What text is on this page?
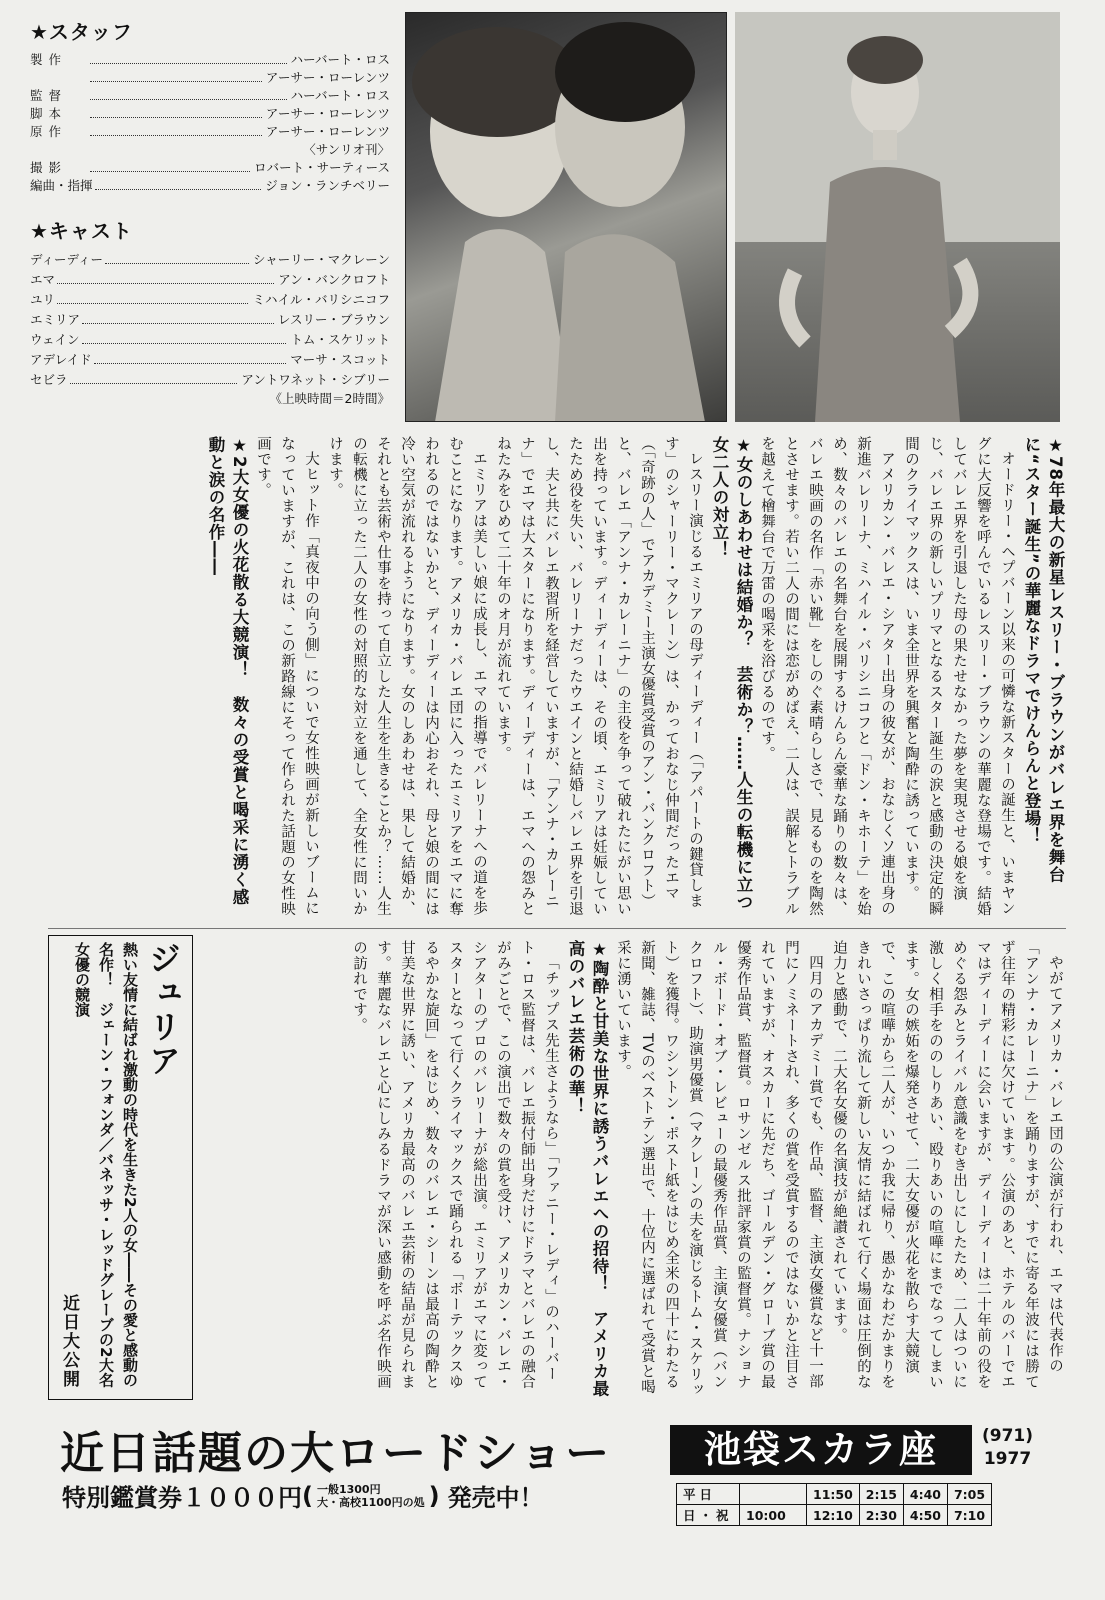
★スタッフ
製作	ハーバート・ロス
アーサー・ローレンツ
監督	ハーバート・ロス
脚本	アーサー・ローレンツ
原作	アーサー・ローレンツ
〈サンリオ刊〉
撮影	ロバート・サーティース
編曲・指揮	ジョン・ランチベリー
★キャスト
ディーディー	シャーリー・マクレーン
エマ	アン・バンクロフト
ユリ	ミハイル・バリシニコフ
エミリア	レスリー・ブラウン
ウェイン	トム・スケリット
アデレイド	マーサ・スコット
セビラ	アントワネット・シブリー
《上映時間＝2時間》

★78年最大の新星レスリー・ブラウンがバレエ界を舞台に“スター誕生”の華麗なドラマでけんらんと登場！

オードリー・ヘプバーン以来の可憐な新スターの誕生と、いまヤングに大反響を呼んでいるレスリー・ブラウンの華麗な登場です。結婚してバレエ界を引退した母の果たせなかった夢を実現させる娘を演じ、バレエ界の新しいプリマとなるスター誕生の涙と感動の決定的瞬間のクライマックスは、いま全世界を興奮と陶酔に誘っています。

アメリカン・バレエ・シアター出身の彼女が、おなじくソ連出身の新進バレリーナ、ミハイル・バリシニコフと「ドン・キホーテ」を始め、数々のバレエの名舞台を展開するけんらん豪華な踊りの数々は、バレエ映画の名作「赤い靴」をしのぐ素晴らしさで、見るものを陶然とさせます。若い二人の間には恋がめばえ、二人は、誤解とトラブルを越えて檜舞台で万雷の喝采を浴びるのです。

★女のしあわせは結婚か？　芸術か？……人生の転機に立つ女二人の対立！

レスリー演じるエミリアの母ディーディー（「アパートの鍵貸します」のシャーリー・マクレーン）は、かっておなじ仲間だったエマ（「奇跡の人」でアカデミー主演女優賞受賞のアン・バンクロフト）と、バレエ「アンナ・カレーニナ」の主役を争って破れたにがい思い出を持っています。ディーディーは、その頃、エミリアは妊娠していたため役を失い、バレリーナだったウエインと結婚しバレエ界を引退し、夫と共にバレエ教習所を経営していますが、「アンナ・カレーニナ」でエマは大スターになります。ディーディーは、エマへの怨みとねたみをひめて二十年のオ月が流れています。

エミリアは美しい娘に成長し、エマの指導でバレリーナへの道を歩むことになります。アメリカ・バレエ団に入ったエミリアをエマに奪われるのではないかと、ディーディーは内心おそれ、母と娘の間には冷い空気が流れるようになります。女のしあわせは、果して結婚か、それとも芸術や仕事を持って自立した人生を生きることか？……人生の転機に立った二人の女性の対照的な対立を通して、全女性に問いかけます。

大ヒット作「真夜中の向う側」についで女性映画が新しいブームになっていますが、これは、この新路線にそって作られた話題の女性映画です。

★2大女優の火花散る大競演！　数々の受賞と喝采に湧く感動と涙の名作――

やがてアメリカ・バレエ団の公演が行われ、エマは代表作の「アンナ・カレーニナ」を踊りますが、すでに寄る年波には勝てず往年の精彩には欠けています。公演のあと、ホテルのバーでエマはディーディーに会いますが、ディーディーは二十年前の役をめぐる怨みとライバル意識をむき出しにしたため、二人はついに激しく相手をののしりあい、殴りあいの喧嘩にまでなってしまいます。女の嫉妬を爆発させて、二大女優が火花を散らす大競演で、この喧嘩から二人が、いつか我に帰り、愚かなわだかまりをきれいさっぱり流して新しい友情に結ばれて行く場面は圧倒的な迫力と感動で、二大名女優の名演技が絶讃されています。

四月のアカデミー賞でも、作品、監督、主演女優賞など十一部門にノミネートされ、多くの賞を受賞するのではないかと注目されていますが、オスカーに先だち、ゴールデン・グローブ賞の最優秀作品賞、監督賞。ロサンゼルス批評家賞の監督賞。ナショナル・ボード・オブ・レビューの最優秀作品賞、主演女優賞（バンクロフト）、助演男優賞（マクレーンの夫を演じるトム・スケリット）を獲得。ワシントン・ポスト紙をはじめ全米の四十にわたる新聞、雑誌、TVのベストテン選出で、十位内に選ばれて受賞と喝采に湧いています。

★陶酔と甘美な世界に誘うバレエへの招待！　アメリカ最高のバレエ芸術の華！

「チップス先生さようなら」「ファニー・レディ」のハーバート・ロス監督は、バレエ振付師出身だけにドラマとバレエの融合がみごとで、この演出で数々の賞を受け、アメリカン・バレエ・シアターのプロのバレリーナが総出演。エミリアがエマに変ってスターとなって行くクライマックスで踊られる「ボーテックスゆるやかな旋回」をはじめ、数々のバレエ・シーンは最高の陶酔と甘美な世界に誘い、アメリカ最高のバレエ芸術の結晶が見られます。華麗なバレエと心にしみるドラマが深い感動を呼ぶ名作映画の訪れです。

ジュリア
熱い友情に結ばれ激動の時代を生きた2人の女――その愛と感動の名作！　ジェーン・フォンダ／バネッサ・レッドグレーブの2大名女優の競演
近日大公開
近日話題の大ロードショー
特別鑑賞券１０００円 ( 一般1300円
大・高校1100円の処 ) 発売中！
池袋スカラ座	(971)
1977
平日		11:50	2:15	4:40	7:05
日・祝	10:00	12:10	2:30	4:50	7:10
